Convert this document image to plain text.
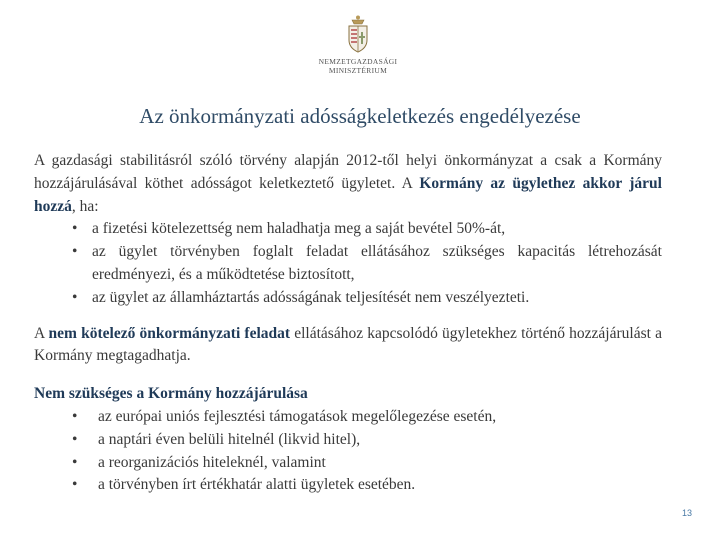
NEMZETGAZDASÁGI
MINISZTÉRIUM
Az önkormányzati adósságkeletkezés engedélyezése

A gazdasági stabilitásról szóló törvény alapján 2012-től helyi önkormányzat a csak a Kormány hozzájárulásával köthet adósságot keletkeztető ügyletet. A Kormány az ügylethez akkor járul hozzá, ha:

• a fizetési kötelezettség nem haladhatja meg a saját bevétel 50%-át,
• az ügylet törvényben foglalt feladat ellátásához szükséges kapacitás létrehozását eredményezi, és a működtetése biztosított,
• az ügylet az államháztartás adósságának teljesítését nem veszélyezteti.

A nem kötelező önkormányzati feladat ellátásához kapcsolódó ügyletekhez történő hozzájárulást a Kormány megtagadhatja.

Nem szükséges a Kormány hozzájárulása

• az európai uniós fejlesztési támogatások megelőlegezése esetén,
• a naptári éven belüli hitelnél (likvid hitel),
• a reorganizációs hiteleknél, valamint
• a törvényben írt értékhatár alatti ügyletek esetében.
13
